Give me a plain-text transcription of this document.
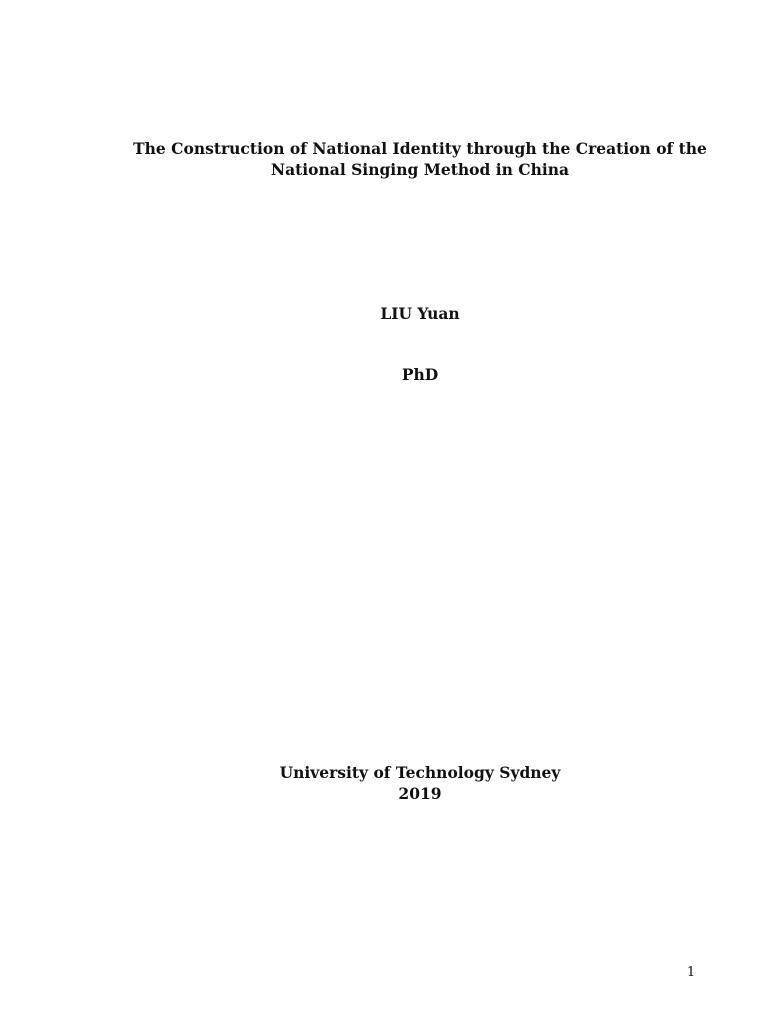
The Construction of National Identity through the Creation of the
National Singing Method in China
LIU Yuan
PhD
University of Technology Sydney
2019
1
